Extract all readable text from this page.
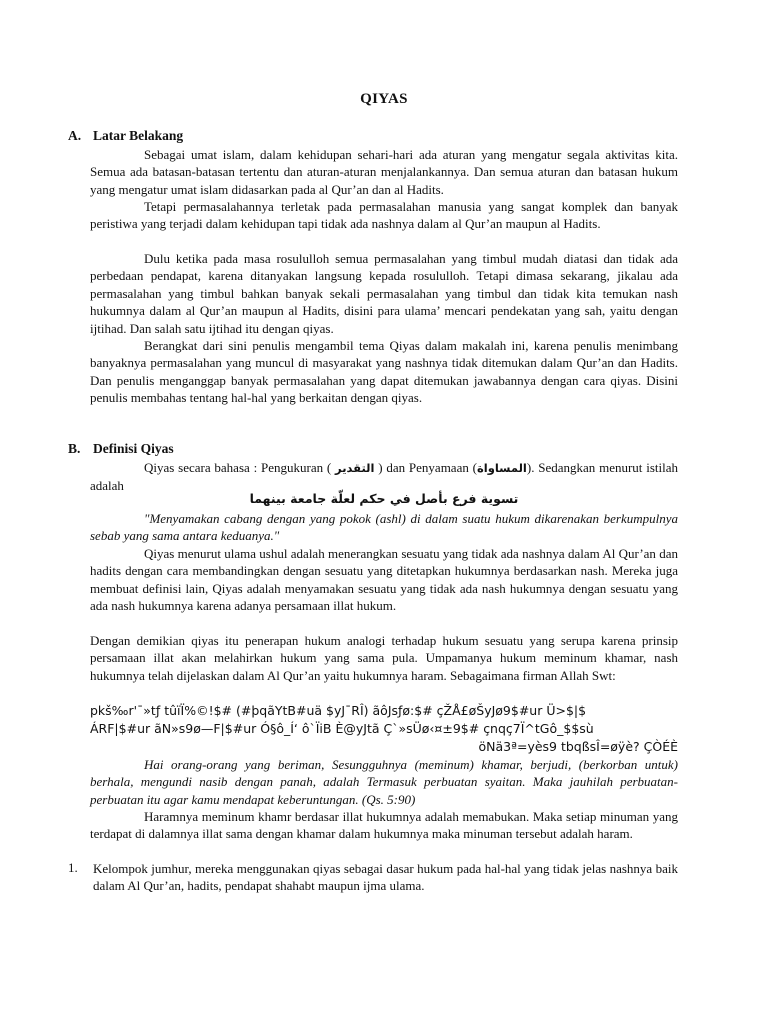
QIYAS
A. Latar Belakang

Sebagai umat islam, dalam kehidupan sehari-hari ada aturan yang mengatur segala aktivitas kita. Semua ada batasan-batasan tertentu dan aturan-aturan menjalankannya. Dan semua aturan dan batasan hukum yang mengatur umat islam didasarkan pada al Qur’an dan al Hadits.

Tetapi permasalahannya terletak pada permasalahan manusia yang sangat komplek dan banyak peristiwa yang terjadi dalam kehidupan tapi tidak ada nashnya dalam al Qur’an maupun al Hadits.

Dulu ketika pada masa rosululloh semua permasalahan yang timbul mudah diatasi dan tidak ada perbedaan pendapat, karena ditanyakan langsung kepada rosululloh. Tetapi dimasa sekarang, jikalau ada permasalahan yang timbul bahkan banyak sekali permasalahan yang timbul dan tidak kita temukan nash hukumnya dalam al Qur’an maupun al Hadits, disini para ulama’ mencari pendekatan yang sah, yaitu dengan ijtihad. Dan salah satu ijtihad itu dengan qiyas.

Berangkat dari sini penulis mengambil tema Qiyas dalam makalah ini, karena penulis menimbang banyaknya permasalahan yang muncul di masyarakat yang nashnya tidak ditemukan dalam Qur’an dan Hadits. Dan penulis menganggap banyak permasalahan yang dapat ditemukan jawabannya dengan cara qiyas. Disini penulis membahas tentang hal-hal yang berkaitan dengan qiyas.

B. Definisi Qiyas

Qiyas secara bahasa : Pengukuran ( التقدير ) dan Penyamaan (المساواة). Sedangkan menurut istilah adalah

تسوية فرع بأصل في حكم لعلّة جامعة بينهما

"Menyamakan cabang dengan yang pokok (ashl) di dalam suatu hukum dikarenakan berkumpulnya sebab yang sama antara keduanya."

Qiyas menurut ulama ushul adalah menerangkan sesuatu yang tidak ada nashnya dalam Al Qur’an dan hadits dengan cara membandingkan dengan sesuatu yang ditetapkan hukumnya berdasarkan nash. Mereka juga membuat definisi lain, Qiyas adalah menyamakan sesuatu yang tidak ada nash hukumnya dengan sesuatu yang ada nash hukumnya karena adanya persamaan illat hukum.

Dengan demikian qiyas itu penerapan hukum analogi terhadap hukum sesuatu yang serupa karena prinsip persamaan illat akan melahirkan hukum yang sama pula. Umpamanya hukum meminum khamar, nash hukumnya telah dijelaskan dalam Al Qur’an yaitu hukumnya haram. Sebagaimana firman Allah Swt:

pkš‰r'¯»tƒ tûïÏ%©!$# (#þqãYtB#uä $yJ¯RÎ) ãôJsƒø:$# çŽÅ£øŠyJø9$#ur Ü>$|$
ÁRF|$#ur ãN»s9ø—F|$#ur Ó§ô_Í‘ ô`ÏiB È@yJtã Ç`»sÜø‹¤±9$# çnqç7Ï^tGô_$$sù
öNä3ª=yès9 tbqßsÎ=øÿè? ÇÒÉÈ

Hai orang-orang yang beriman, Sesungguhnya (meminum) khamar, berjudi, (berkorban untuk) berhala, mengundi nasib dengan panah, adalah Termasuk perbuatan syaitan. Maka jauhilah perbuatan-perbuatan itu agar kamu mendapat keberuntungan. (Qs. 5:90)

Haramnya meminum khamr berdasar illat hukumnya adalah memabukan. Maka setiap minuman yang terdapat di dalamnya illat sama dengan khamar dalam hukumnya maka minuman tersebut adalah haram.

1. Kelompok jumhur, mereka menggunakan qiyas sebagai dasar hukum pada hal-hal yang tidak jelas nashnya baik dalam Al Qur’an, hadits, pendapat shahabt maupun ijma ulama.
